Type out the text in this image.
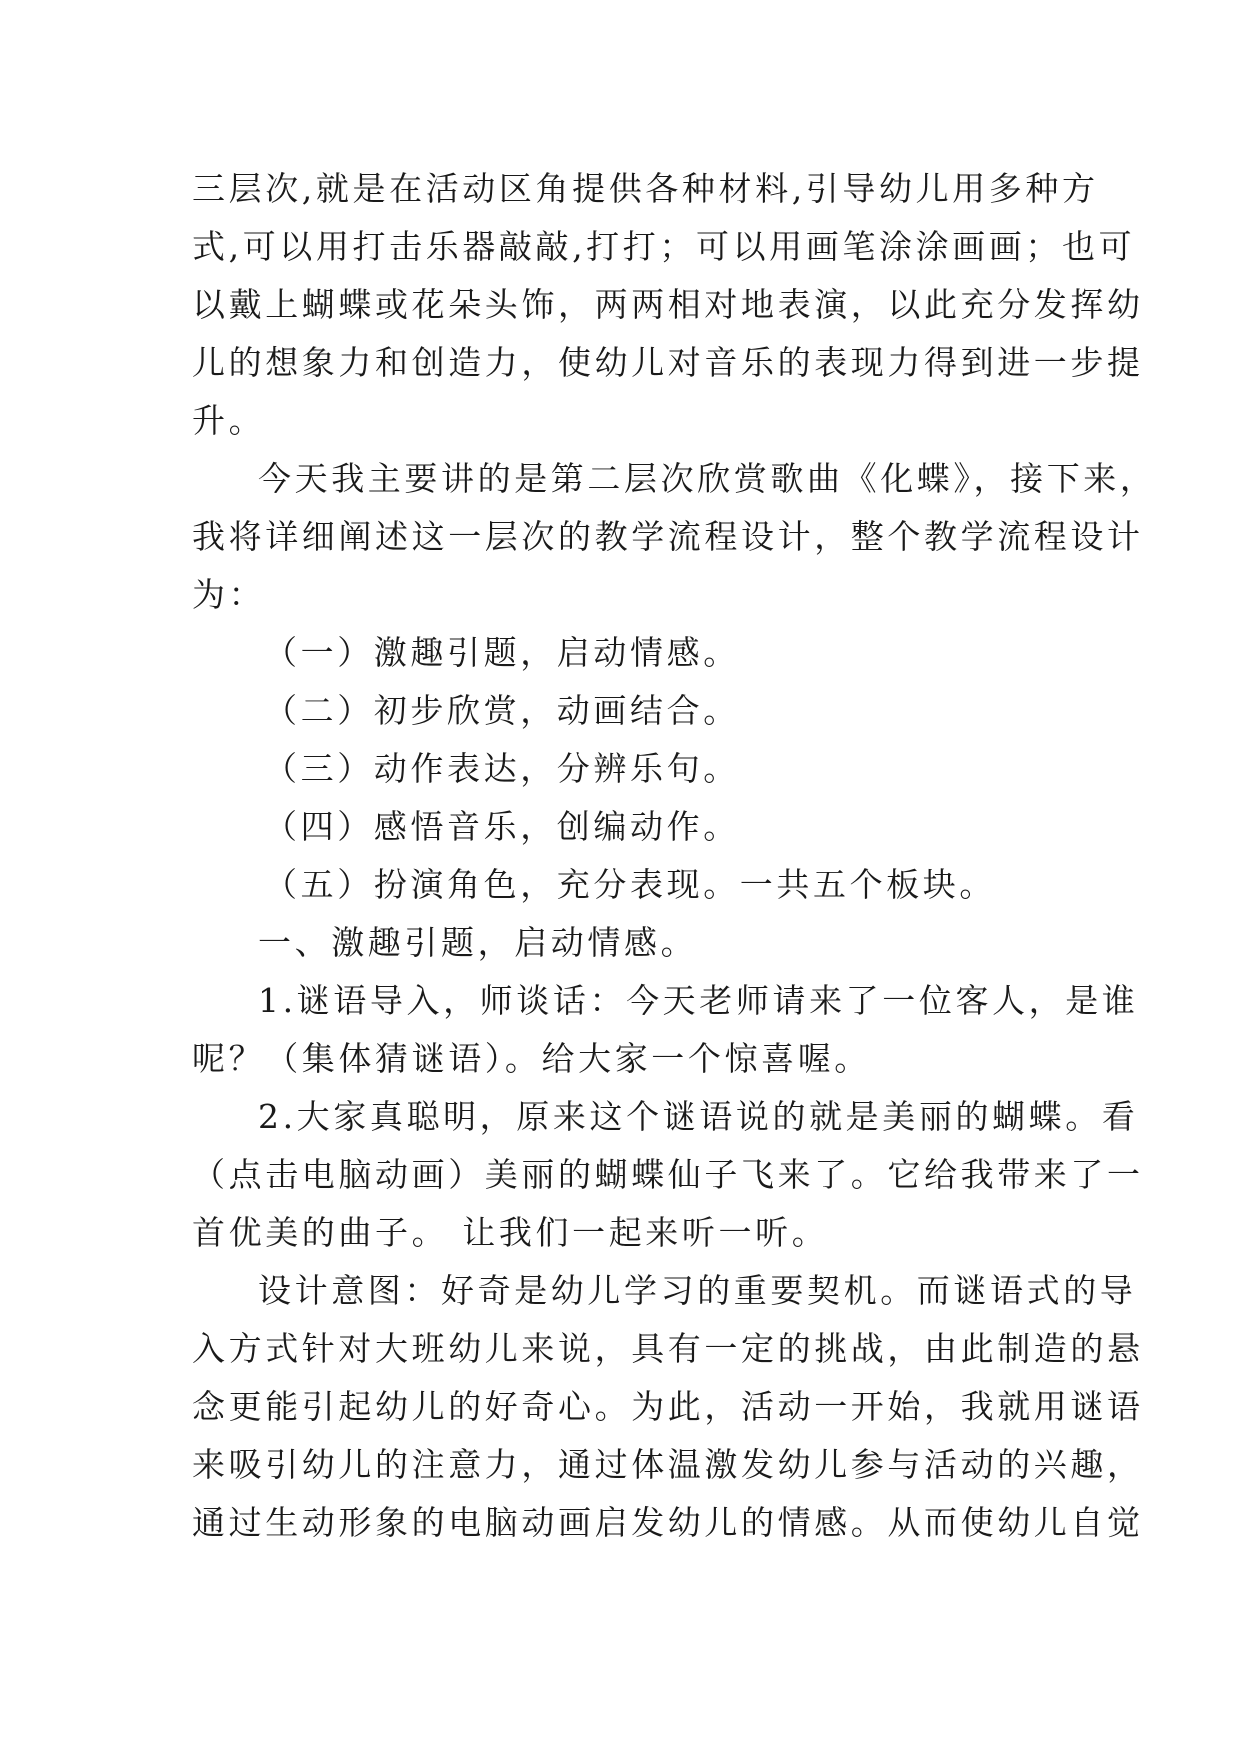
三层次,就是在活动区角提供各种材料,引导幼儿用多种方
式,可以用打击乐器敲敲,打打；可以用画笔涂涂画画；也可
以戴上蝴蝶或花朵头饰，两两相对地表演，以此充分发挥幼
儿的想象力和创造力，使幼儿对音乐的表现力得到进一步提
升。
今天我主要讲的是第二层次欣赏歌曲《化蝶》，接下来，
我将详细阐述这一层次的教学流程设计，整个教学流程设计
为：
（一）激趣引题，启动情感。
（二）初步欣赏，动画结合。
（三）动作表达，分辨乐句。
（四）感悟音乐，创编动作。
（五）扮演角色，充分表现。一共五个板块。
一、激趣引题，启动情感。
1.谜语导入，师谈话：今天老师请来了一位客人，是谁
呢？（集体猜谜语）。给大家一个惊喜喔。
2.大家真聪明，原来这个谜语说的就是美丽的蝴蝶。看
（点击电脑动画）美丽的蝴蝶仙子飞来了。它给我带来了一
首优美的曲子。 让我们一起来听一听。
设计意图：好奇是幼儿学习的重要契机。而谜语式的导
入方式针对大班幼儿来说，具有一定的挑战，由此制造的悬
念更能引起幼儿的好奇心。为此，活动一开始，我就用谜语
来吸引幼儿的注意力，通过体温激发幼儿参与活动的兴趣，
通过生动形象的电脑动画启发幼儿的情感。从而使幼儿自觉
